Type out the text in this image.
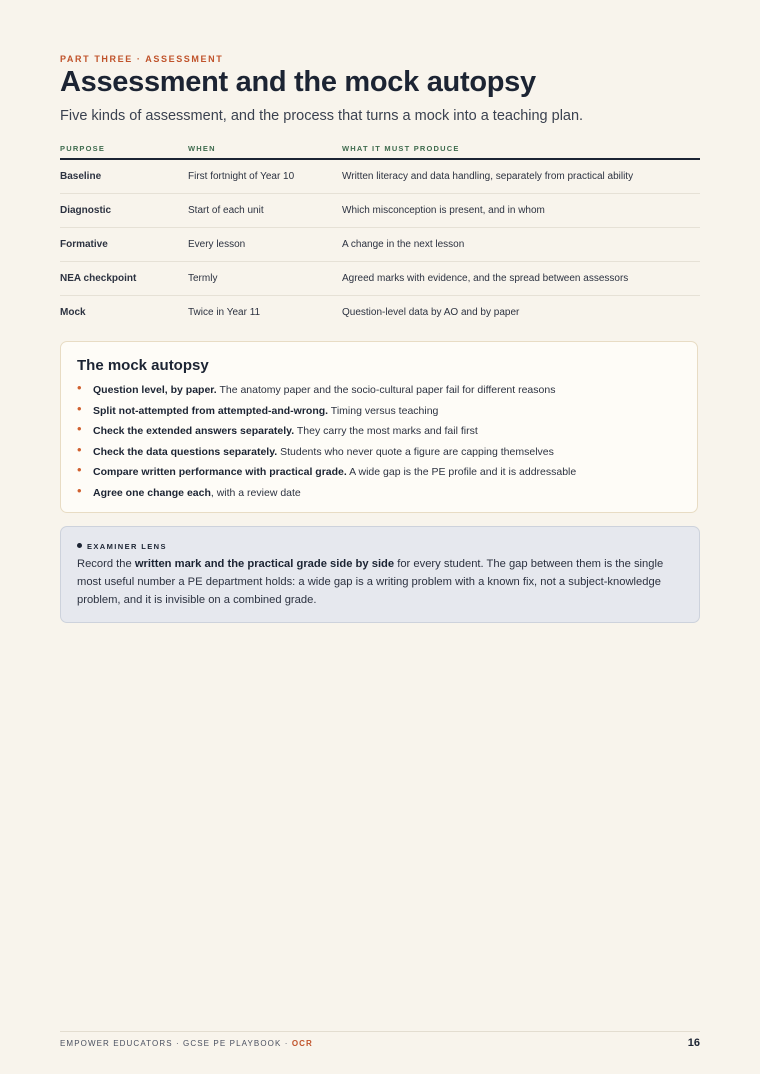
PART THREE · ASSESSMENT
Assessment and the mock autopsy
Five kinds of assessment, and the process that turns a mock into a teaching plan.
PURPOSE	WHEN	WHAT IT MUST PRODUCE
Baseline	First fortnight of Year 10	Written literacy and data handling, separately from practical ability
Diagnostic	Start of each unit	Which misconception is present, and in whom
Formative	Every lesson	A change in the next lesson
NEA checkpoint	Termly	Agreed marks with evidence, and the spread between assessors
Mock	Twice in Year 11	Question-level data by AO and by paper
The mock autopsy
• Question level, by paper. The anatomy paper and the socio-cultural paper fail for different reasons
• Split not-attempted from attempted-and-wrong. Timing versus teaching
• Check the extended answers separately. They carry the most marks and fail first
• Check the data questions separately. Students who never quote a figure are capping themselves
• Compare written performance with practical grade. A wide gap is the PE profile and it is addressable
• Agree one change each, with a review date
EXAMINER LENS
Record the written mark and the practical grade side by side for every student. The gap between them is the single most useful number a PE department holds: a wide gap is a writing problem with a known fix, not a subject-knowledge problem, and it is invisible on a combined grade.
EMPOWER EDUCATORS · GCSE PE PLAYBOOK · OCR	16
